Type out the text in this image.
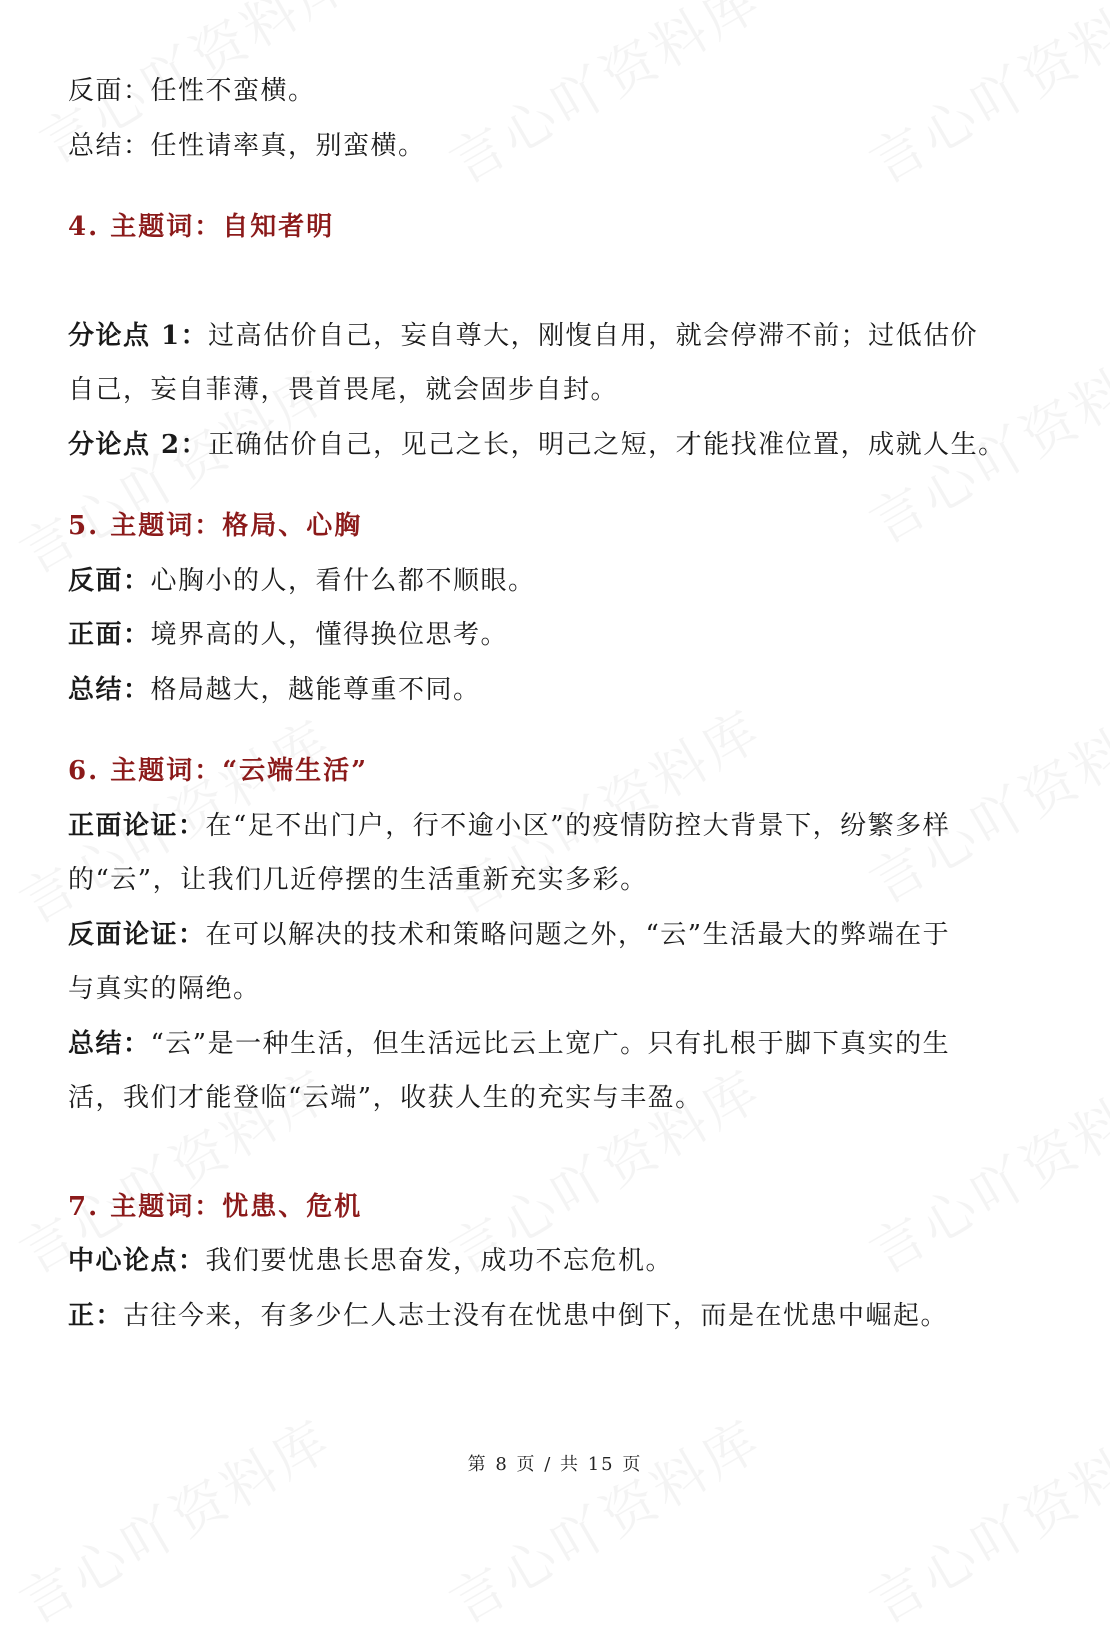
反面：任性不蛮横。

总结：任性请率真，别蛮横。

4. 主题词：自知者明

分论点 1：过高估价自己，妄自尊大，刚愎自用，就会停滞不前；过低估价

自己，妄自菲薄，畏首畏尾，就会固步自封。

分论点 2：正确估价自己，见己之长，明己之短，才能找准位置，成就人生。

5. 主题词：格局、心胸

反面：心胸小的人，看什么都不顺眼。

正面：境界高的人，懂得换位思考。

总结：格局越大，越能尊重不同。

6. 主题词：“云端生活”

正面论证：在“足不出门户，行不逾小区”的疫情防控大背景下，纷繁多样

的“云”，让我们几近停摆的生活重新充实多彩。

反面论证：在可以解决的技术和策略问题之外，“云”生活最大的弊端在于

与真实的隔绝。

总结：“云”是一种生活，但生活远比云上宽广。只有扎根于脚下真实的生

活，我们才能登临“云端”，收获人生的充实与丰盈。

7. 主题词：忧患、危机

中心论点：我们要忧患长思奋发，成功不忘危机。

正：古往今来，有多少仁人志士没有在忧患中倒下，而是在忧患中崛起。

第 8 页 / 共 15 页
